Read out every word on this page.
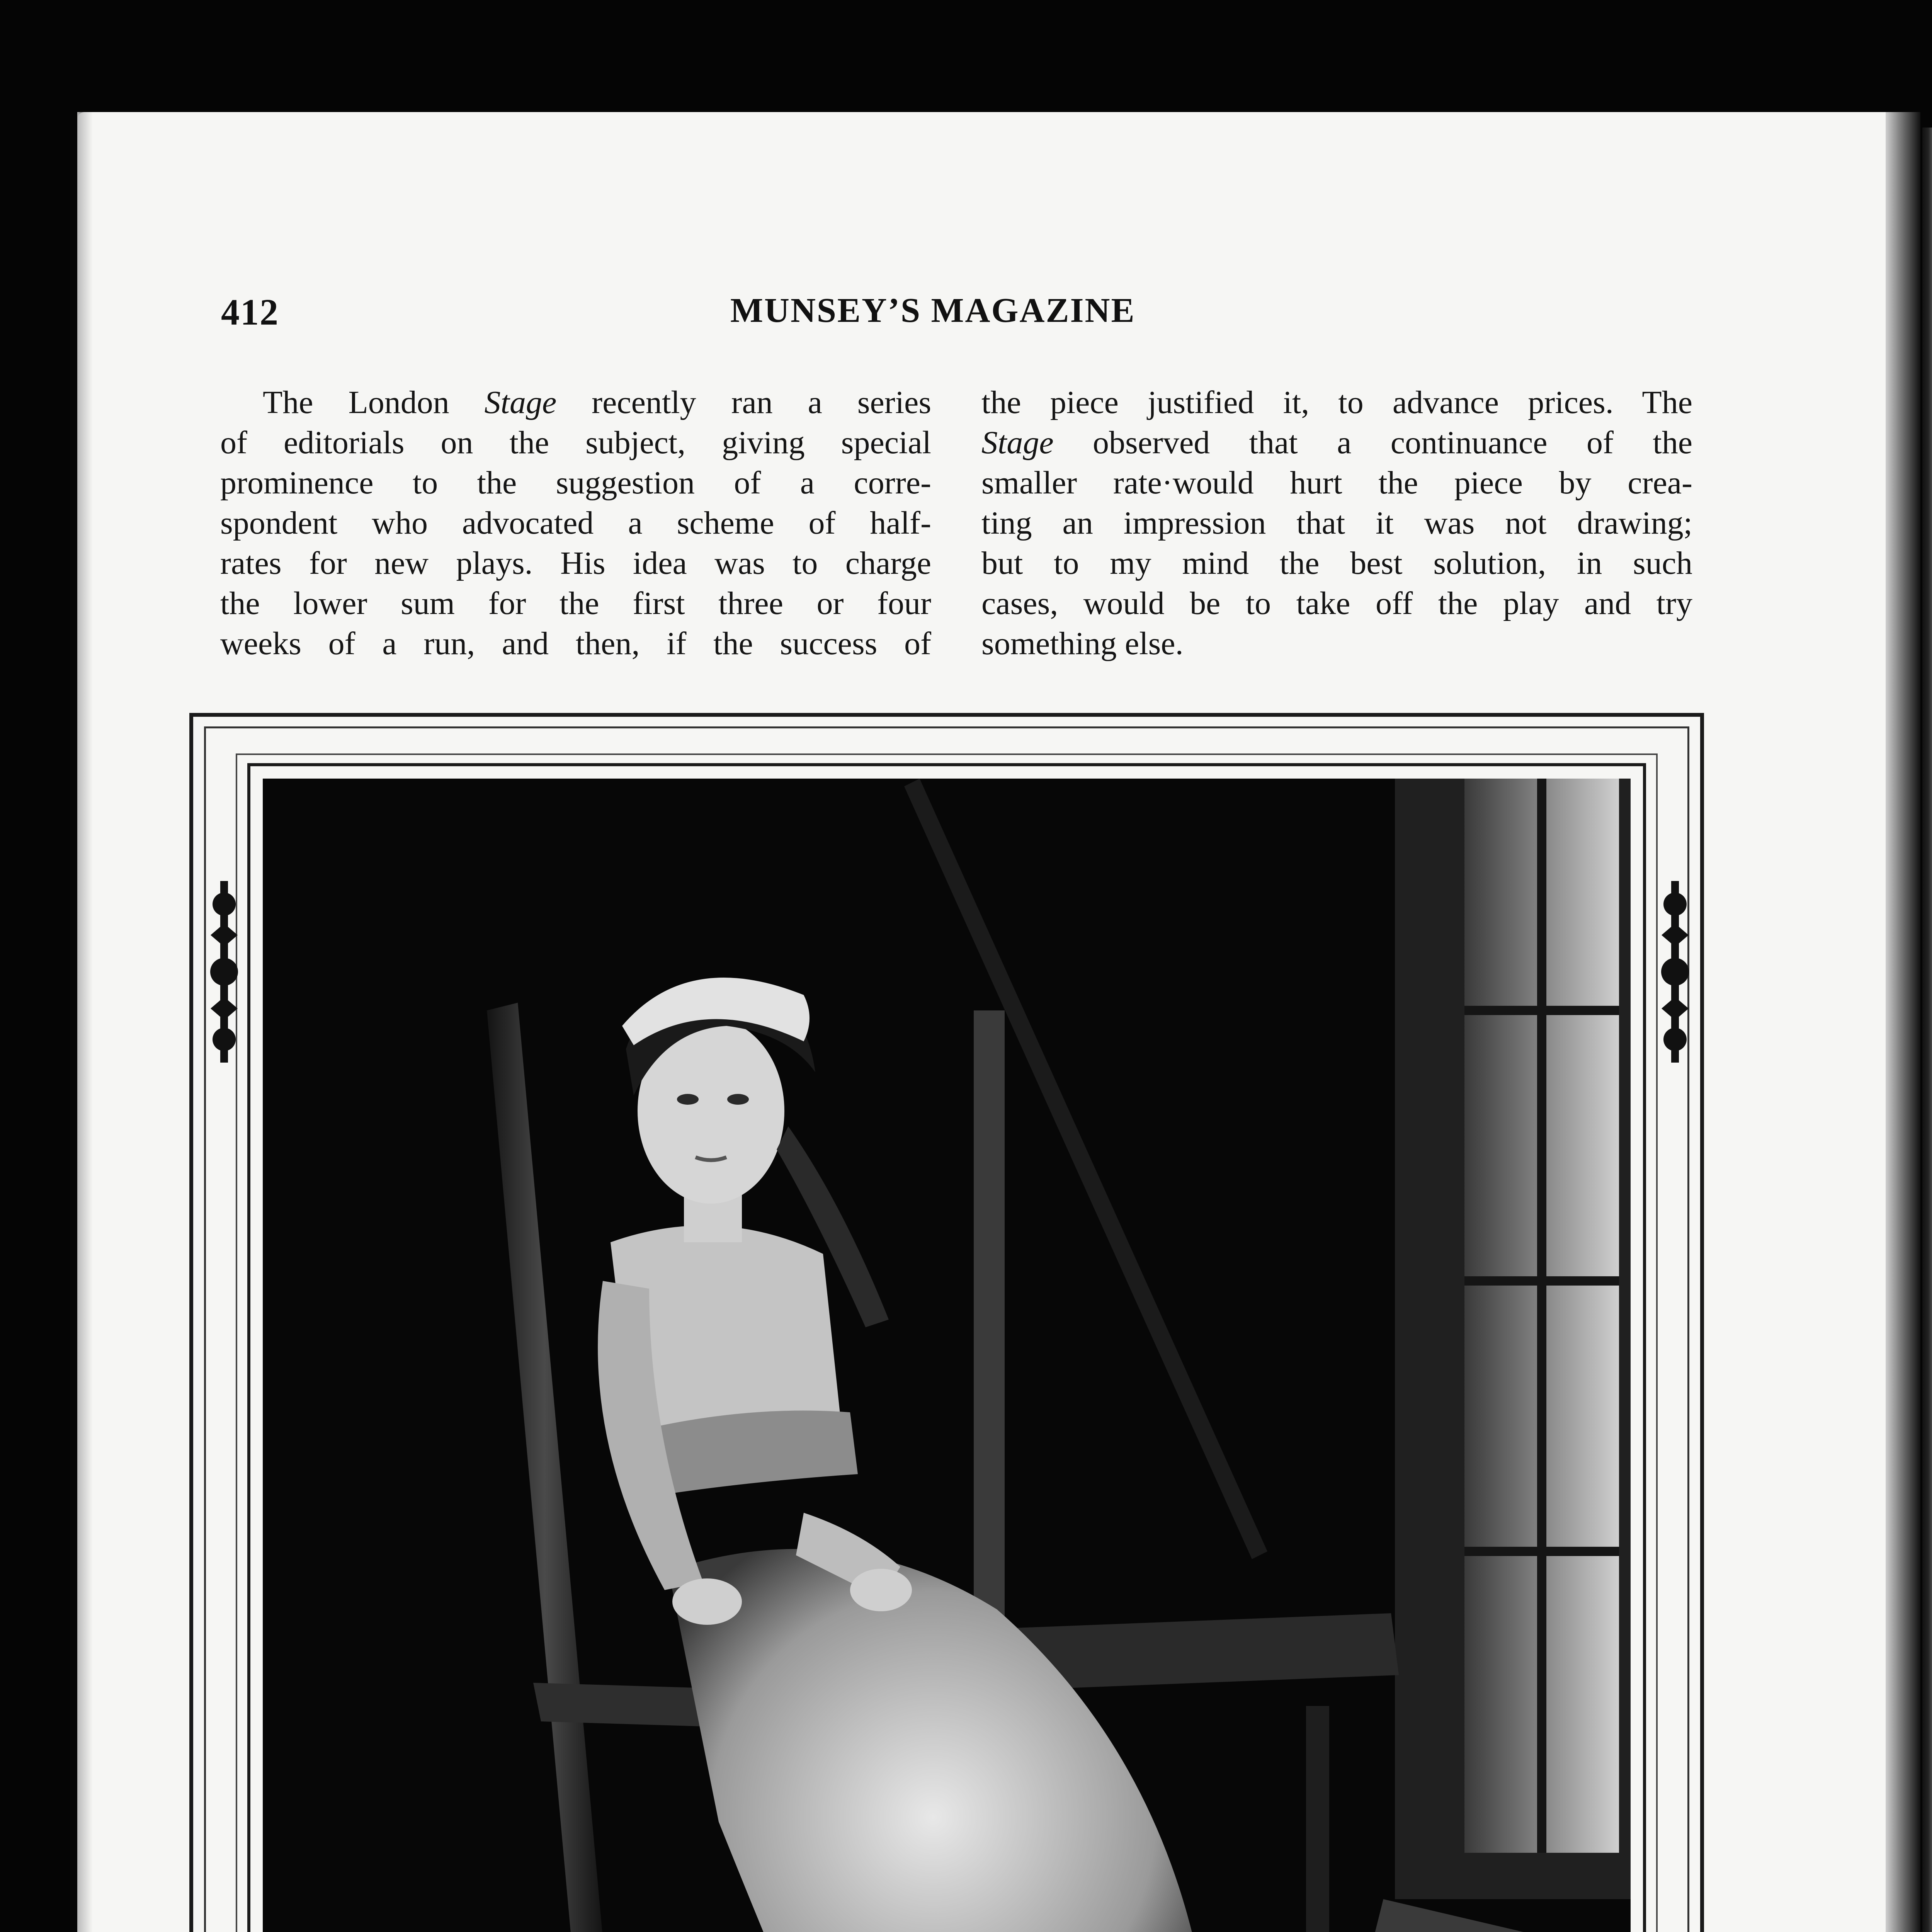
412	MUNSEY’S MAGAZINE
The London Stage recently ran a series
of editorials on the subject, giving special
prominence to the suggestion of a corre-
spondent who advocated a scheme of half-
rates for new plays. His idea was to charge
the lower sum for the first three or four
weeks of a run, and then, if the success of
the piece justified it, to advance prices. The
Stage observed that a continuance of the
smaller rate·would hurt the piece by crea-
ting an impression that it was not drawing;
but to my mind the best solution, in such
cases, would be to take off the play and try
something else.
